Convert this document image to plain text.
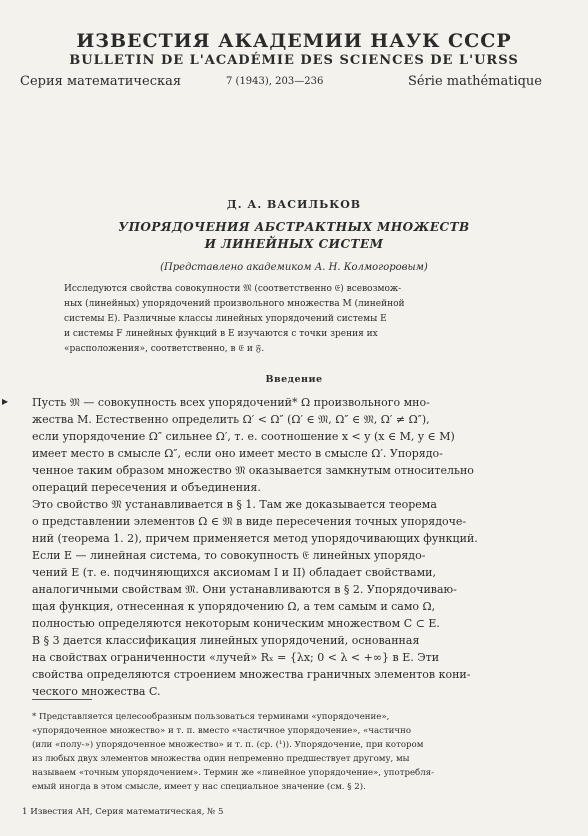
ИЗВЕСТИЯ АКАДЕМИИ НАУК СССР
BULLETIN DE L'ACADÉMIE DES SCIENCES DE L'URSS
Серия математическая	7 (1943), 203—236	Série mathématique
Д. А. ВАСИЛЬКОВ
УПОРЯДОЧЕНИЯ АБСТРАКТНЫХ МНОЖЕСТВ
И ЛИНЕЙНЫХ СИСТЕМ
(Представлено академиком А. Н. Колмогоровым)
Исследуются свойства совокупности 𝔐 (соответственно 𝔈) всевозмож-
ных (линейных) упорядочений произвольного множества M (линейной
системы E). Различные классы линейных упорядочений системы E
и системы F линейных функций в E изучаются с точки зрения их
«расположения», соответственно, в 𝔈 и 𝔉.
Введение
▸ Пусть 𝔐 — совокупность всех упорядочений* Ω произвольного мно-
жества M. Естественно определить Ω′ < Ω″ (Ω′ ∈ 𝔐, Ω″ ∈ 𝔐, Ω′ ≠ Ω″),
если упорядочение Ω″ сильнее Ω′, т. е. соотношение x < y (x ∈ M, y ∈ M)
имеет место в смысле Ω″, если оно имеет место в смысле Ω′. Упорядо-
ченное таким образом множество 𝔐 оказывается замкнутым относительно
операций пересечения и объединения.
Это свойство 𝔐 устанавливается в § 1. Там же доказывается теорема
о представлении элементов Ω ∈ 𝔐 в виде пересечения точных упорядоче-
ний (теорема 1. 2), причем применяется метод упорядочивающих функций.
Если E — линейная система, то совокупность 𝔈 линейных упорядо-
чений E (т. е. подчиняющихся аксиомам I и II) обладает свойствами,
аналогичными свойствам 𝔐. Они устанавливаются в § 2. Упорядочиваю-
щая функция, отнесенная к упорядочению Ω, а тем самым и само Ω,
полностью определяются некоторым коническим множеством C ⊂ E.
В § 3 дается классификация линейных упорядочений, основанная
на свойствах ограниченности «лучей» Rₓ = {λx; 0 < λ < +∞} в E. Эти
свойства определяются строением множества граничных элементов кони-
ческого множества C.
* Представляется целесообразным пользоваться терминами «упорядочение»,
«упорядоченное множество» и т. п. вместо «частичное упорядочение», «частично
(или «полу-») упорядоченное множество» и т. п. (ср. (¹)). Упорядочение, при котором
из любых двух элементов множества один непременно предшествует другому, мы
называем «точным упорядочением». Термин же «линейное упорядочение», употребля-
емый иногда в этом смысле, имеет у нас специальное значение (см. § 2).
1 Известия АН, Серия математическая, № 5
